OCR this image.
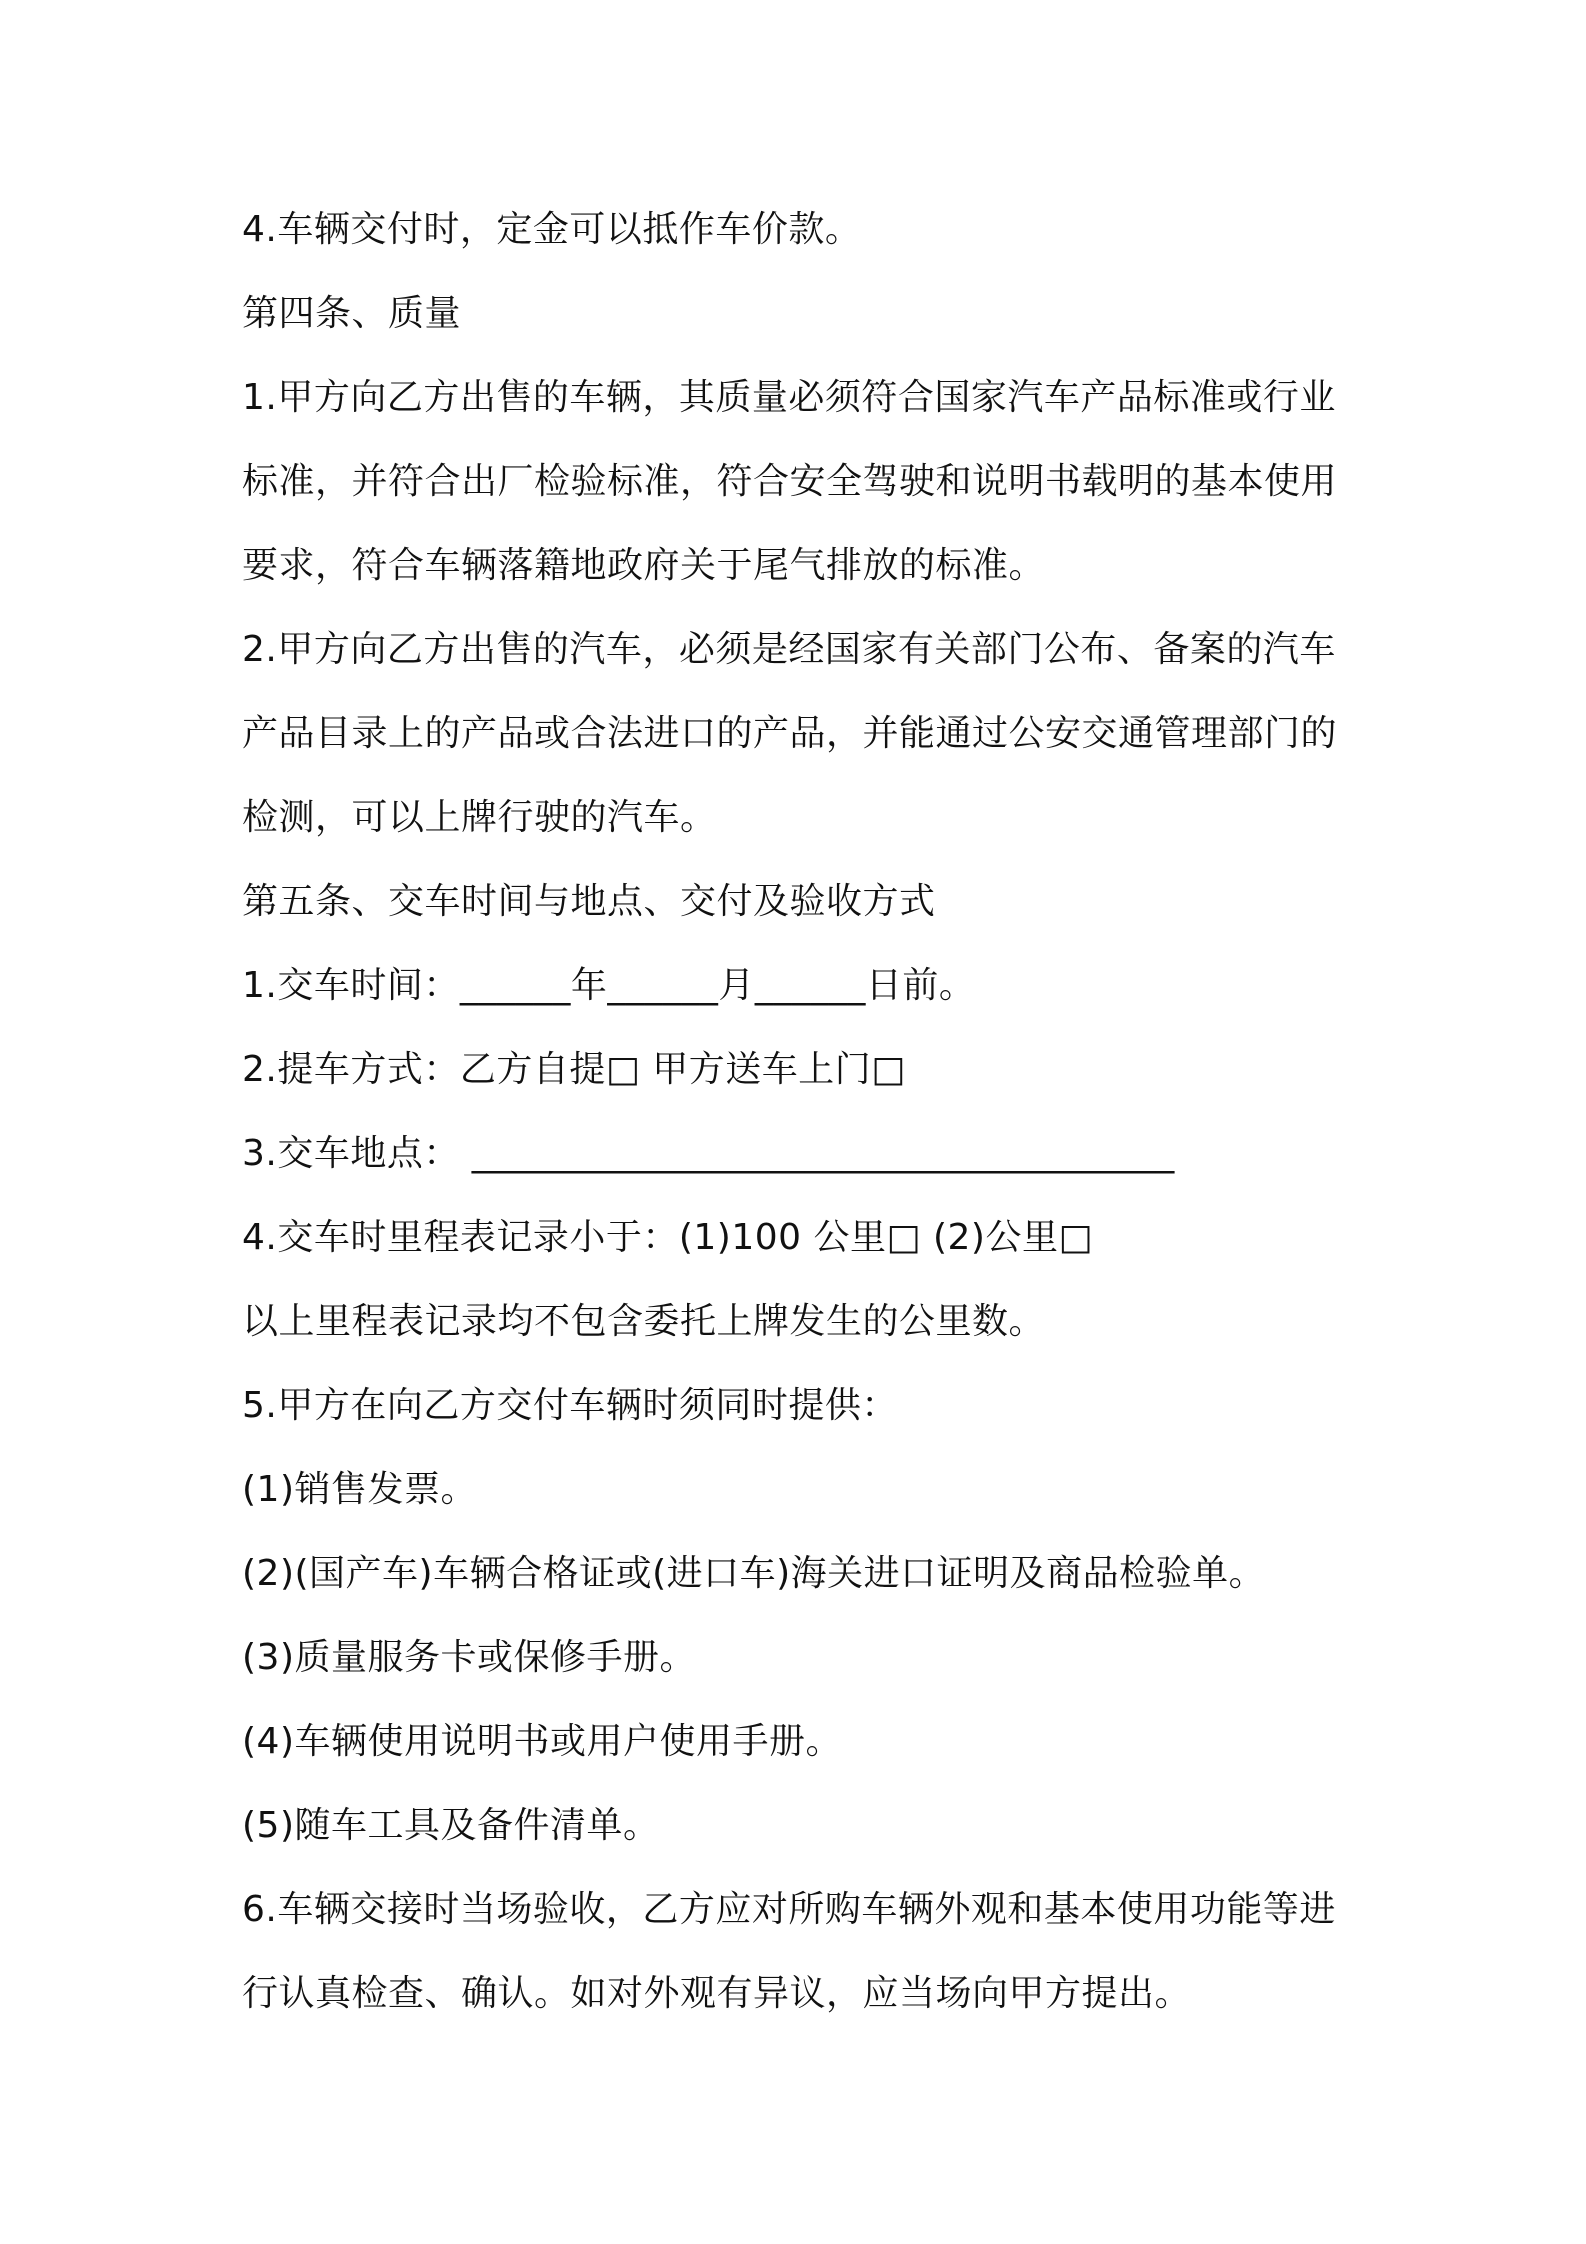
4.车辆交付时，定金可以抵作车价款。
第四条、质量
1.甲方向乙方出售的车辆，其质量必须符合国家汽车产品标准或行业
标准，并符合出厂检验标准，符合安全驾驶和说明书载明的基本使用
要求，符合车辆落籍地政府关于尾气排放的标准。
2.甲方向乙方出售的汽车，必须是经国家有关部门公布、备案的汽车
产品目录上的产品或合法进口的产品，并能通过公安交通管理部门的
检测，可以上牌行驶的汽车。
第五条、交车时间与地点、交付及验收方式
1.交车时间：______年______月______日前。
2.提车方式：乙方自提□ 甲方送车上门□
3.交车地点： ______________________________________
4.交车时里程表记录小于：(1)100 公里□ (2)公里□
以上里程表记录均不包含委托上牌发生的公里数。
5.甲方在向乙方交付车辆时须同时提供：
(1)销售发票。
(2)(国产车)车辆合格证或(进口车)海关进口证明及商品检验单。
(3)质量服务卡或保修手册。
(4)车辆使用说明书或用户使用手册。
(5)随车工具及备件清单。
6.车辆交接时当场验收，乙方应对所购车辆外观和基本使用功能等进
行认真检查、确认。如对外观有异议，应当场向甲方提出。
